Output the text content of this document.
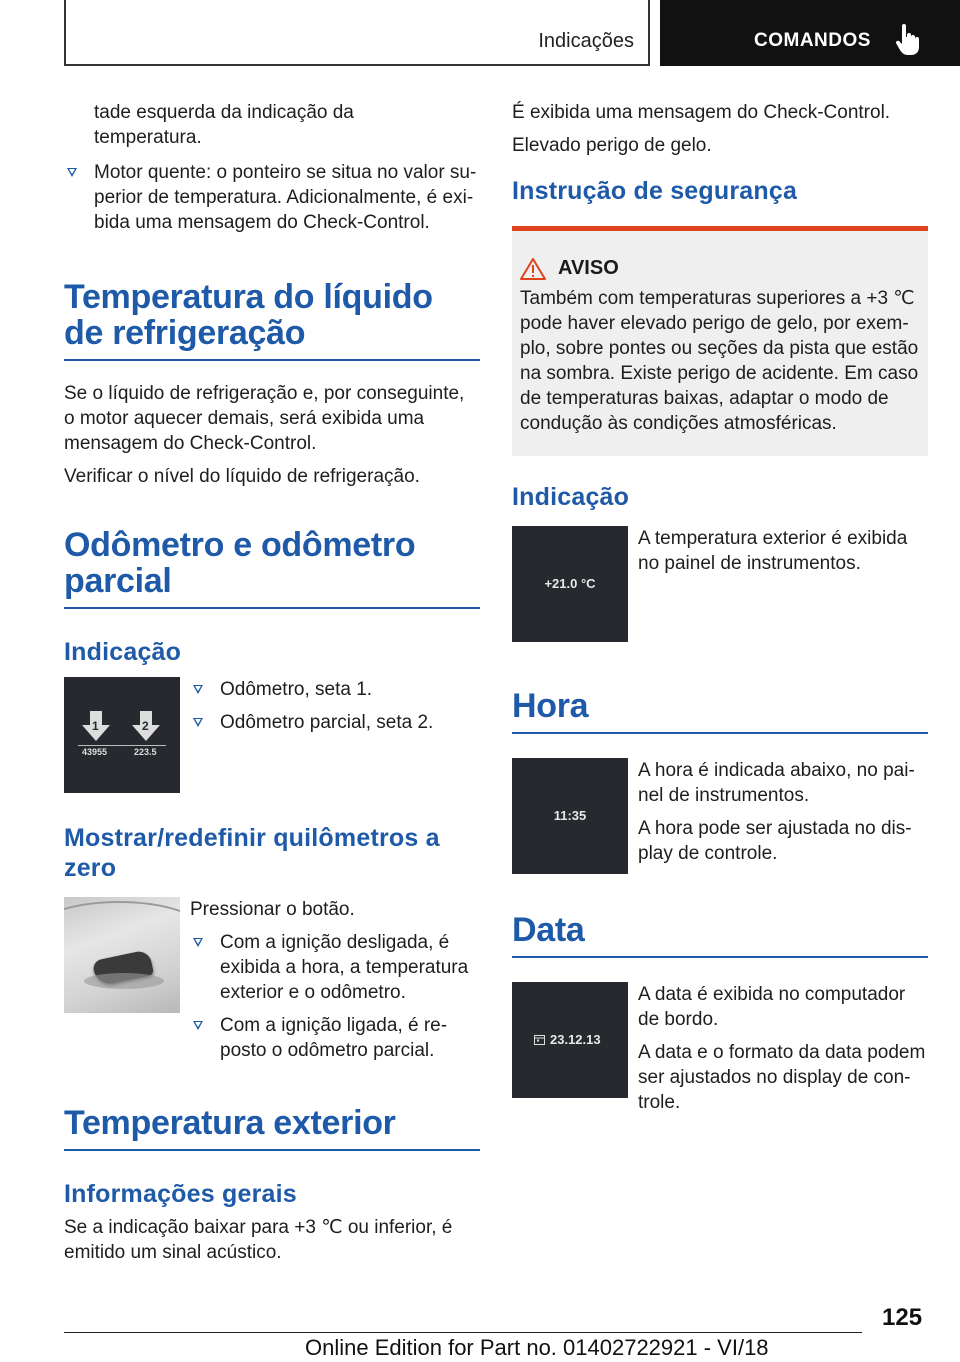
Indicações	COMANDOS

tade esquerda da indicação da temperatura.

Motor quente: o ponteiro se situa no valor superior de temperatura. Adicionalmente, é exibida uma mensagem do Check-Control.
Temperatura do líquido de refrigeração

Se o líquido de refrigeração e, por conseguinte, o motor aquecer demais, será exibida uma mensagem do Check-Control.

Verificar o nível do líquido de refrigeração.

Odômetro e odômetro parcial
Indicação
1	2
43955	223.5
Odômetro, seta 1.
Odômetro parcial, seta 2.
Mostrar/redefinir quilômetros a zero

Pressionar o botão.

Com a ignição desligada, é exibida a hora, a temperatura exterior e o odômetro.
Com a ignição ligada, é reposto o odômetro parcial.
Temperatura exterior
Informações gerais

Se a indicação baixar para +3 ℃ ou inferior, é emitido um sinal acústico.

É exibida uma mensagem do Check-Control.

Elevado perigo de gelo.

Instrução de segurança
AVISO

Também com temperaturas superiores a +3 ℃ pode haver elevado perigo de gelo, por exemplo, sobre pontes ou seções da pista que estão na sombra. Existe perigo de acidente. Em caso de temperaturas baixas, adaptar o modo de condução às condições atmosféricas.

Indicação
+21.0 °C

A temperatura exterior é exibida no painel de instrumentos.

Hora
11:35

A hora é indicada abaixo, no painel de instrumentos.

A hora pode ser ajustada no display de controle.

Data
23.12.13

A data é exibida no computador de bordo.

A data e o formato da data podem ser ajustados no display de controle.

125
Online Edition for Part no. 01402722921 - VI/18
